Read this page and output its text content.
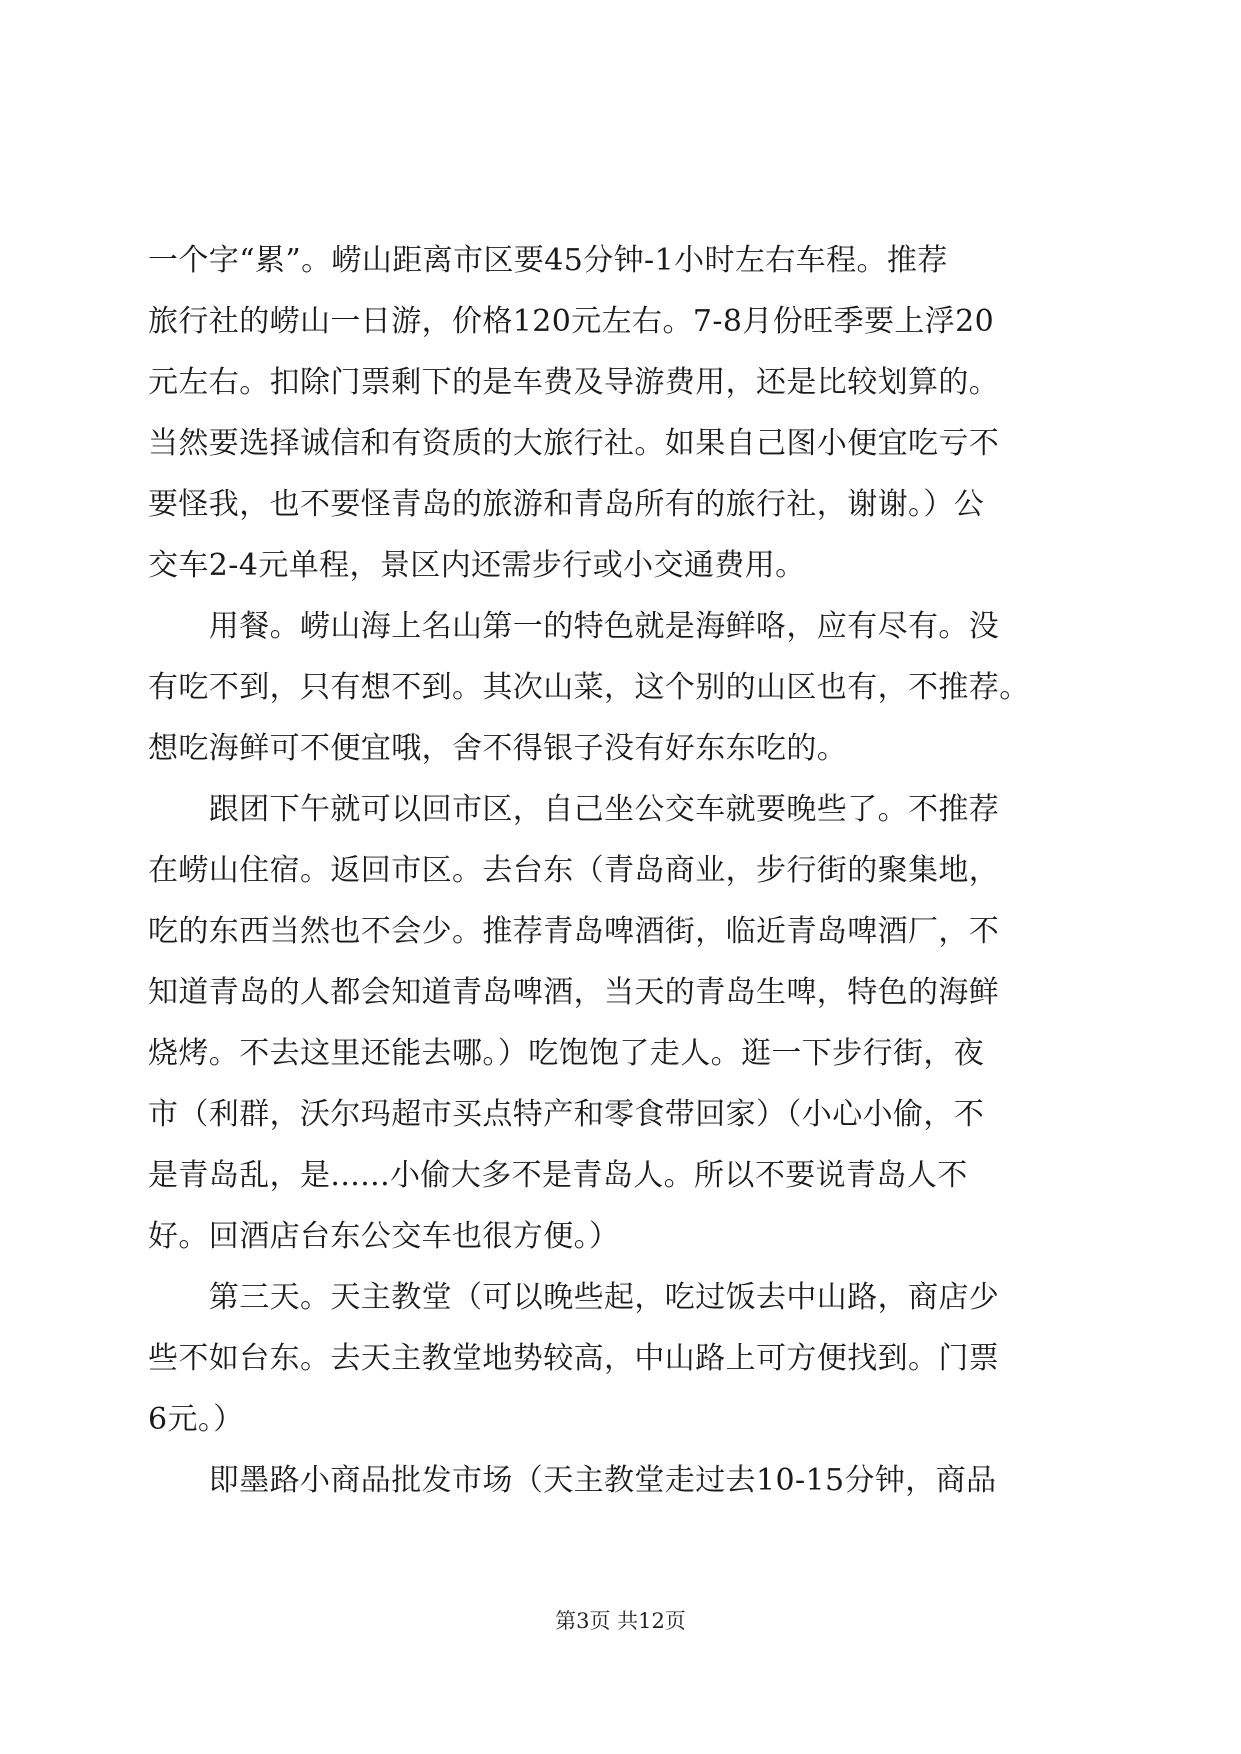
一个字“累”。崂山距离市区要45分钟-1小时左右车程。推荐
旅行社的崂山一日游，价格120元左右。7-8月份旺季要上浮20
元左右。扣除门票剩下的是车费及导游费用，还是比较划算的。
当然要选择诚信和有资质的大旅行社。如果自己图小便宜吃亏不
要怪我，也不要怪青岛的旅游和青岛所有的旅行社，谢谢。）公
交车2-4元单程，景区内还需步行或小交通费用。
　　用餐。崂山海上名山第一的特色就是海鲜咯，应有尽有。没
有吃不到，只有想不到。其次山菜，这个别的山区也有，不推荐。
想吃海鲜可不便宜哦，舍不得银子没有好东东吃的。
　　跟团下午就可以回市区，自己坐公交车就要晚些了。不推荐
在崂山住宿。返回市区。去台东（青岛商业，步行街的聚集地，
吃的东西当然也不会少。推荐青岛啤酒街，临近青岛啤酒厂，不
知道青岛的人都会知道青岛啤酒，当天的青岛生啤，特色的海鲜
烧烤。不去这里还能去哪。）吃饱饱了走人。逛一下步行街，夜
市（利群，沃尔玛超市买点特产和零食带回家）（小心小偷，不
是青岛乱，是......小偷大多不是青岛人。所以不要说青岛人不
好。回酒店台东公交车也很方便。）
　　第三天。天主教堂（可以晚些起，吃过饭去中山路，商店少
些不如台东。去天主教堂地势较高，中山路上可方便找到。门票
6元。）
　　即墨路小商品批发市场（天主教堂走过去10-15分钟，商品
第3页 共12页
